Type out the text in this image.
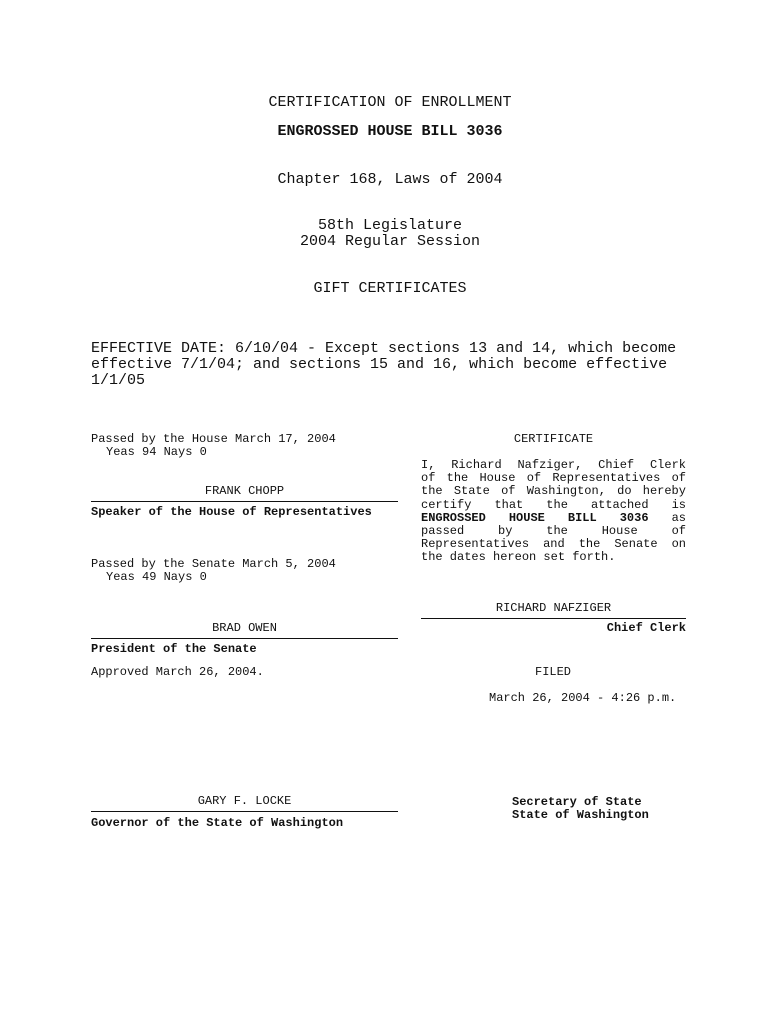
CERTIFICATION OF ENROLLMENT
ENGROSSED HOUSE BILL 3036
Chapter 168, Laws of 2004
58th Legislature
2004 Regular Session
GIFT CERTIFICATES
EFFECTIVE DATE: 6/10/04 - Except sections 13 and 14, which become
effective 7/1/04; and sections 15 and 16, which become effective
1/1/05
Passed by the House March 17, 2004
Yeas 94 Nays 0
FRANK CHOPP
Speaker of the House of Representatives
Passed by the Senate March 5, 2004
Yeas 49 Nays 0
BRAD OWEN
President of the Senate
Approved March 26, 2004.
GARY F. LOCKE
Governor of the State of Washington
CERTIFICATE
I, Richard Nafziger, Chief Clerk
of the House of Representatives of
the State of Washington, do hereby
certify that the attached is
ENGROSSED HOUSE BILL 3036 as
passed	by	the	House	of
Representatives and the Senate on
the dates hereon set forth.
RICHARD NAFZIGER
Chief Clerk
FILED
March 26, 2004 - 4:26 p.m.
Secretary of State
State of Washington
